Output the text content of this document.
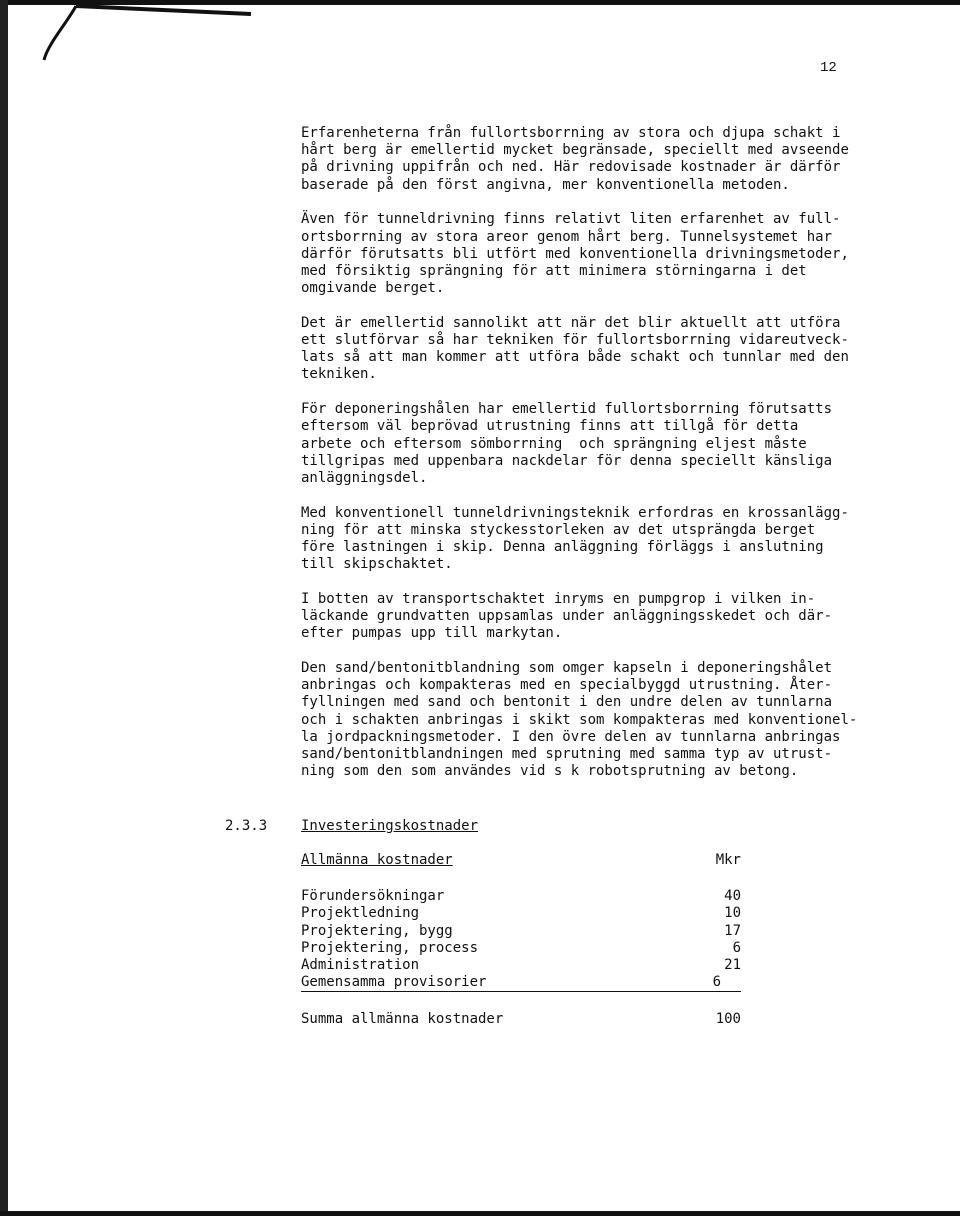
12

Erfarenheterna från fullortsborrning av stora och djupa schakt i
hårt berg är emellertid mycket begränsade, speciellt med avseende
på drivning uppifrån och ned. Här redovisade kostnader är därför
baserade på den först angivna, mer konventionella metoden.

Även för tunneldrivning finns relativt liten erfarenhet av full-
ortsborrning av stora areor genom hårt berg. Tunnelsystemet har
därför förutsatts bli utfört med konventionella drivningsmetoder,
med försiktig sprängning för att minimera störningarna i det
omgivande berget.

Det är emellertid sannolikt att när det blir aktuellt att utföra
ett slutförvar så har tekniken för fullortsborrning vidareutveck-
lats så att man kommer att utföra både schakt och tunnlar med den
tekniken.

För deponeringshålen har emellertid fullortsborrning förutsatts
eftersom väl beprövad utrustning finns att tillgå för detta
arbete och eftersom sömborrning  och sprängning eljest måste
tillgripas med uppenbara nackdelar för denna speciellt känsliga
anläggningsdel.

Med konventionell tunneldrivningsteknik erfordras en krossanlägg-
ning för att minska styckesstorleken av det utsprängda berget
före lastningen i skip. Denna anläggning förläggs i anslutning
till skipschaktet.

I botten av transportschaktet inryms en pumpgrop i vilken in-
läckande grundvatten uppsamlas under anläggningsskedet och där-
efter pumpas upp till markytan.

Den sand/bentonitblandning som omger kapseln i deponeringshålet
anbringas och kompakteras med en specialbyggd utrustning. Åter-
fyllningen med sand och bentonit i den undre delen av tunnlarna
och i schakten anbringas i skikt som kompakteras med konventionel-
la jordpackningsmetoder. I den övre delen av tunnlarna anbringas
sand/bentonitblandningen med sprutning med samma typ av utrust-
ning som den som användes vid s k robotsprutning av betong.

2.3.3 Investeringskostnader
Allmänna kostnader	Mkr
Förundersökningar	40
Projektledning	10
Projektering, bygg	17
Projektering, process	6
Administration	21
Gemensamma provisorier	6
Summa allmänna kostnader	100
